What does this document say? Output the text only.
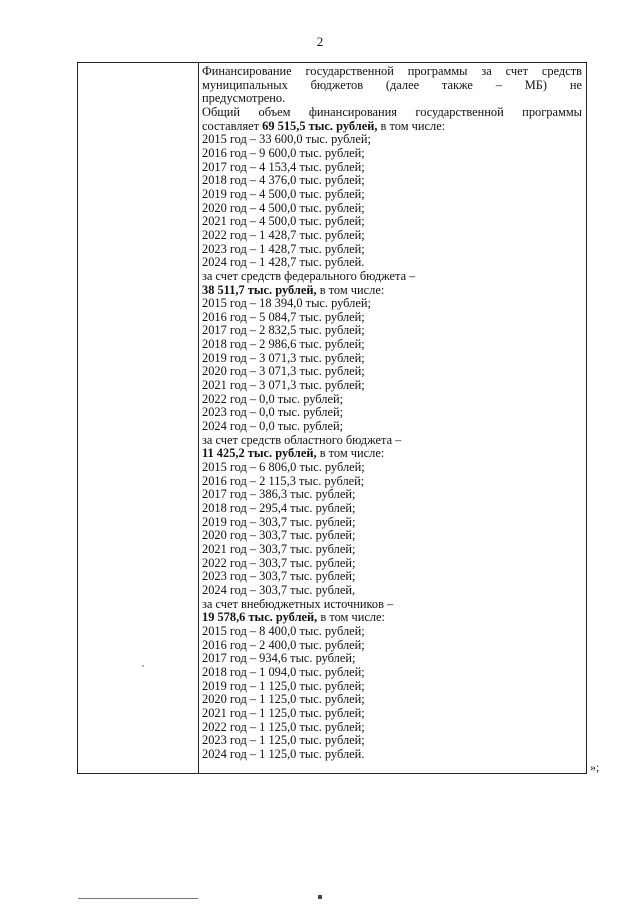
2
Финансирование государственной программы за счет средств
муниципальных бюджетов (далее также – МБ) не
предусмотрено.
Общий объем финансирования государственной программы
составляет 69 515,5 тыс. рублей, в том числе:
2015 год – 33 600,0 тыс. рублей;
2016 год – 9 600,0 тыс. рублей;
2017 год – 4 153,4 тыс. рублей;
2018 год – 4 376,0 тыс. рублей;
2019 год – 4 500,0 тыс. рублей;
2020 год – 4 500,0 тыс. рублей;
2021 год – 4 500,0 тыс. рублей;
2022 год – 1 428,7 тыс. рублей;
2023 год – 1 428,7 тыс. рублей;
2024 год – 1 428,7 тыс. рублей.
за счет средств федерального бюджета –
38 511,7 тыс. рублей, в том числе:
2015 год – 18 394,0 тыс. рублей;
2016 год – 5 084,7 тыс. рублей;
2017 год – 2 832,5 тыс. рублей;
2018 год – 2 986,6 тыс. рублей;
2019 год – 3 071,3 тыс. рублей;
2020 год – 3 071,3 тыс. рублей;
2021 год – 3 071,3 тыс. рублей;
2022 год – 0,0 тыс. рублей;
2023 год – 0,0 тыс. рублей;
2024 год – 0,0 тыс. рублей;
за счет средств областного бюджета –
11 425,2 тыс. рублей, в том числе:
2015 год – 6 806,0 тыс. рублей;
2016 год – 2 115,3 тыс. рублей;
2017 год – 386,3 тыс. рублей;
2018 год – 295,4 тыс. рублей;
2019 год – 303,7 тыс. рублей;
2020 год – 303,7 тыс. рублей;
2021 год – 303,7 тыс. рублей;
2022 год – 303,7 тыс. рублей;
2023 год – 303,7 тыс. рублей;
2024 год – 303,7 тыс. рублей,
за счет внебюджетных источников –
19 578,6 тыс. рублей, в том числе:
2015 год – 8 400,0 тыс. рублей;
2016 год – 2 400,0 тыс. рублей;
2017 год – 934,6 тыс. рублей;
2018 год – 1 094,0 тыс. рублей;
2019 год – 1 125,0 тыс. рублей;
2020 год – 1 125,0 тыс. рублей;
2021 год – 1 125,0 тыс. рублей;
2022 год – 1 125,0 тыс. рублей;
2023 год – 1 125,0 тыс. рублей;
2024 год – 1 125,0 тыс. рублей.
»;
